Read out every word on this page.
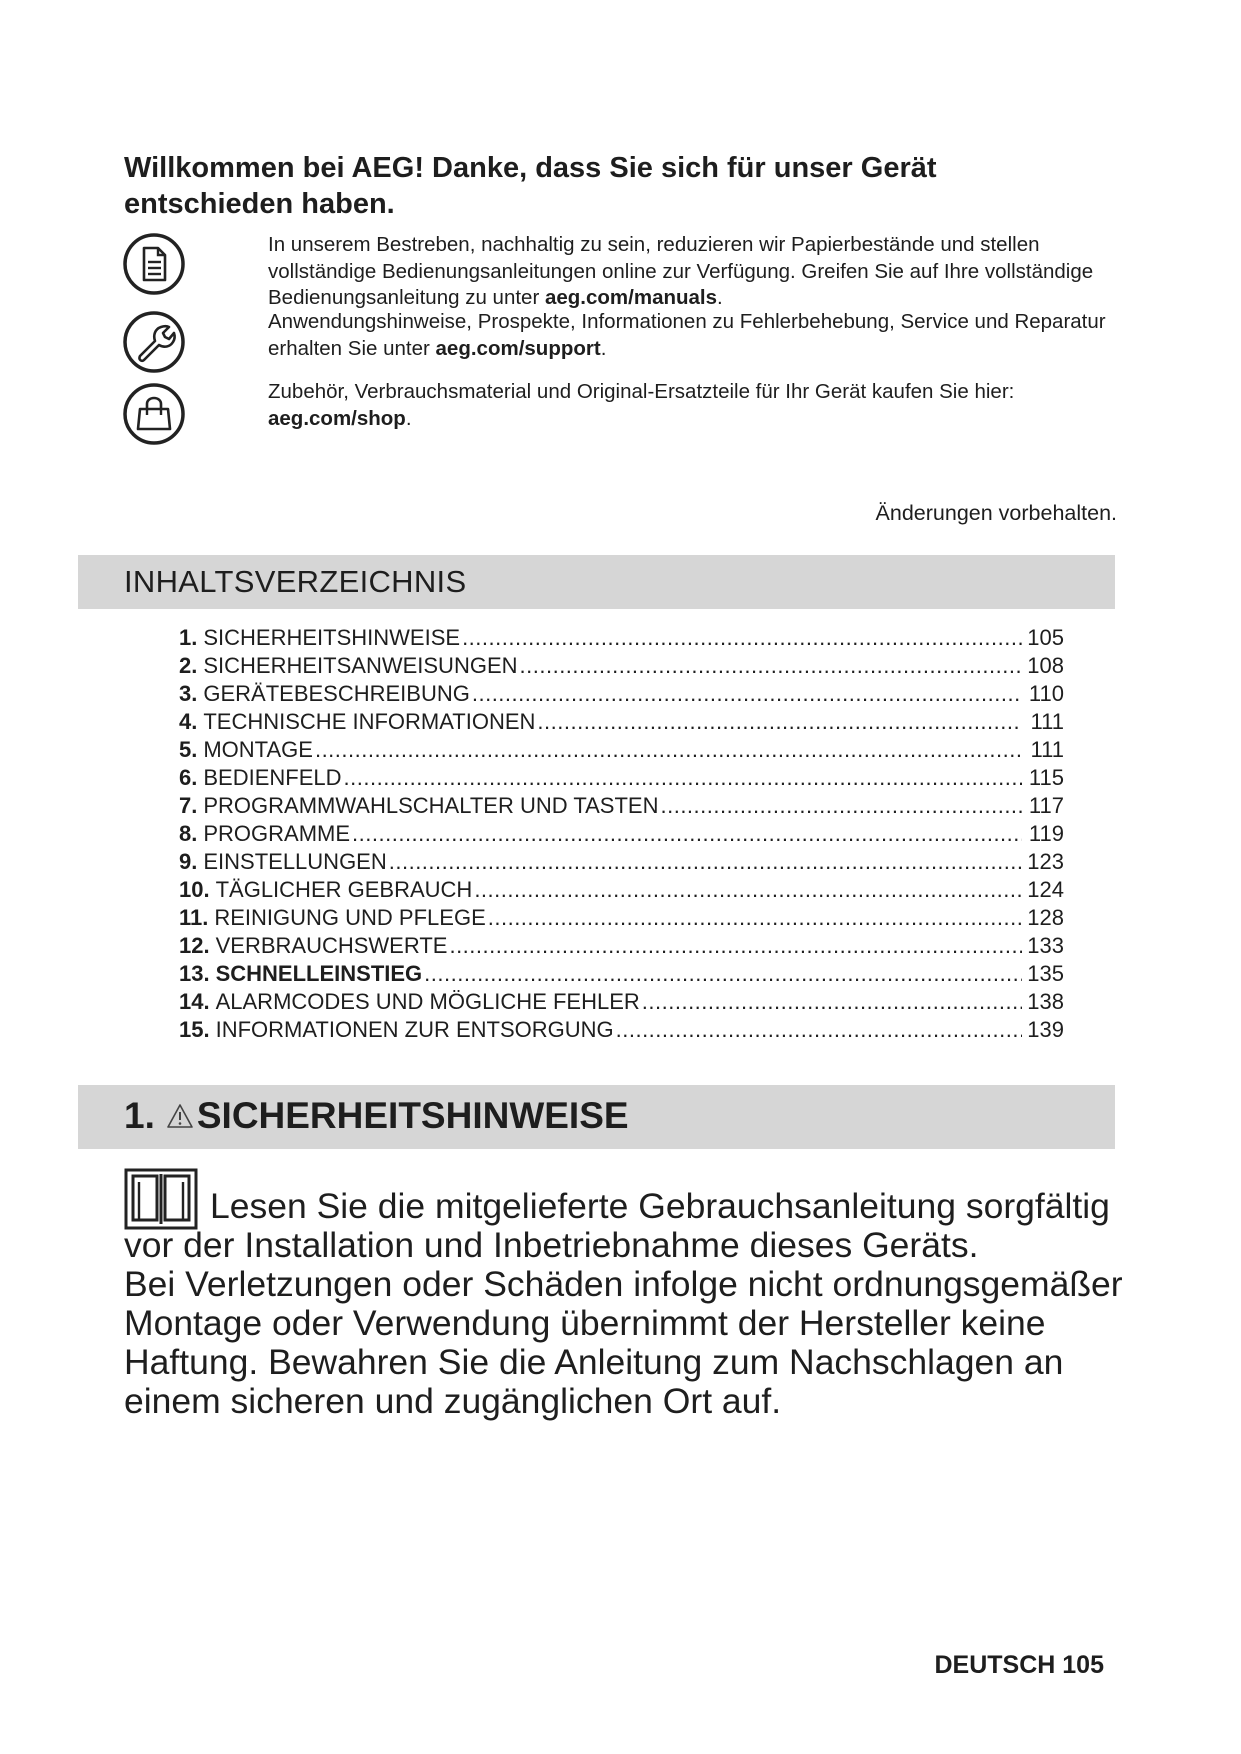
Willkommen bei AEG! Danke, dass Sie sich für unser Gerät entschieden haben.

In unserem Bestreben, nachhaltig zu sein, reduzieren wir Papierbestände und stellen vollständige Bedienungsanleitungen online zur Verfügung. Greifen Sie auf Ihre vollständige Bedienungsanleitung zu unter aeg.com/manuals.

Anwendungshinweise, Prospekte, Informationen zu Fehlerbehebung, Service und Reparatur erhalten Sie unter aeg.com/support.

Zubehör, Verbrauchsmaterial und Original-Ersatzteile für Ihr Gerät kaufen Sie hier:
aeg.com/shop.

Änderungen vorbehalten.

INHALTSVERZEICHNIS
1. SICHERHEITSHINWEISE .....	105
2. SICHERHEITSANWEISUNGEN .....	108
3. GERÄTEBESCHREIBUNG .....	110
4. TECHNISCHE INFORMATIONEN .....	111
5. MONTAGE .....	111
6. BEDIENFELD .....	115
7. PROGRAMMWAHLSCHALTER UND TASTEN .....	117
8. PROGRAMME .....	119
9. EINSTELLUNGEN .....	123
10. TÄGLICHER GEBRAUCH .....	124
11. REINIGUNG UND PFLEGE .....	128
12. VERBRAUCHSWERTE .....	133
13. SCHNELLEINSTIEG .....	135
14. ALARMCODES UND MÖGLICHE FEHLER .....	138
15. INFORMATIONEN ZUR ENTSORGUNG .....	139
1. SICHERHEITSHINWEISE

Lesen Sie die mitgelieferte Gebrauchsanleitung sorgfältig vor der Installation und Inbetriebnahme dieses Geräts.

Bei Verletzungen oder Schäden infolge nicht ordnungsgemäßer Montage oder Verwendung übernimmt der Hersteller keine Haftung. Bewahren Sie die Anleitung zum Nachschlagen an einem sicheren und zugänglichen Ort auf.

DEUTSCH 105
